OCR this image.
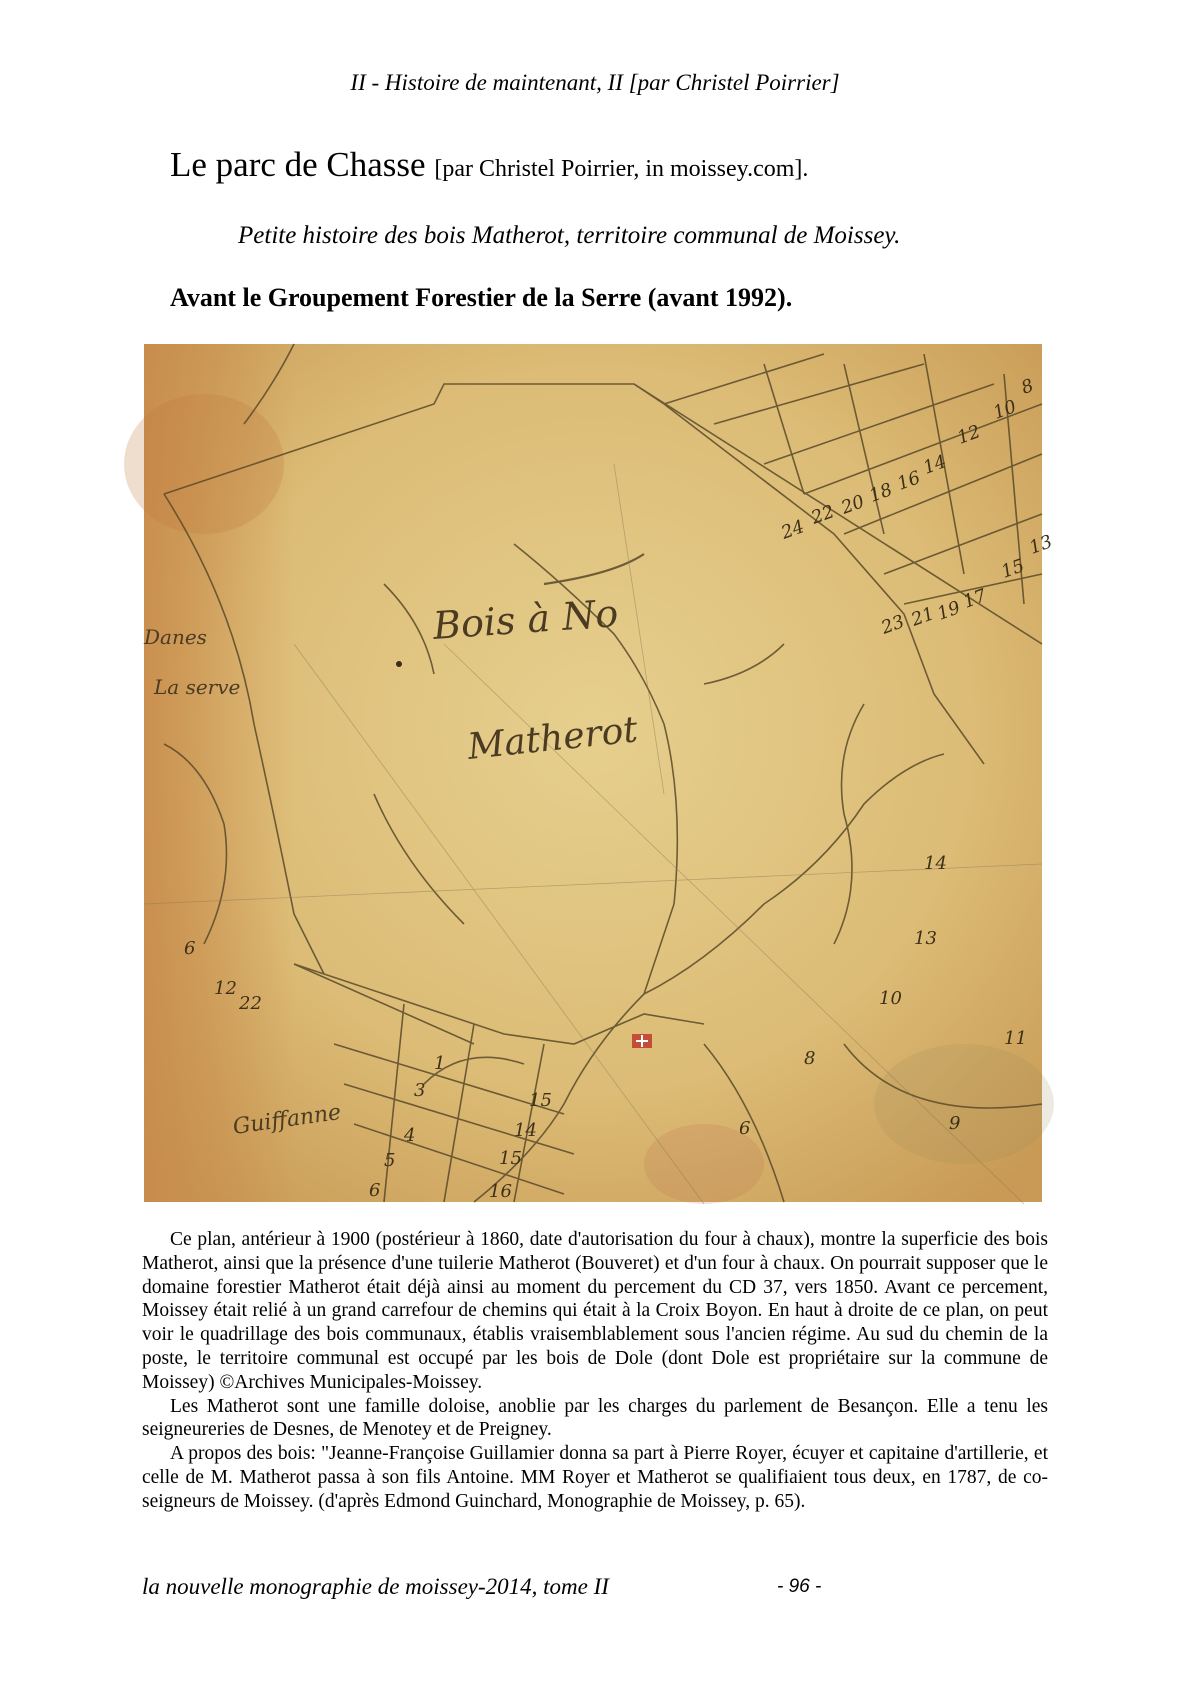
II - Histoire de maintenant, II [par Christel Poirrier]
Le parc de Chasse [par Christel Poirrier, in moissey.com].
Petite histoire des bois Matherot, territoire communal de Moissey.
Avant le Groupement Forestier de la Serre (avant 1992).
Bois à No
Matherot
Guiffanne
Danes
La serve
24
22 20 18 16
14
12
10
8
23 21
19
17
15
13
14
13
10
11
8
9
6
1
3
4
5
6
15
14
15
16
6
12
22

Ce plan, antérieur à 1900 (postérieur à 1860, date d'autorisation du four à chaux), montre la superficie des bois Matherot, ainsi que la présence d'une tuilerie Matherot (Bouveret) et d'un four à chaux. On pourrait supposer que le domaine forestier Matherot était déjà ainsi au moment du percement du CD 37, vers 1850. Avant ce percement, Moissey était relié à un grand carrefour de chemins qui était à la Croix Boyon. En haut à droite de ce plan, on peut voir le quadrillage des bois communaux, établis vraisemblablement sous l'ancien régime. Au sud du chemin de la poste, le territoire communal est occupé par les bois de Dole (dont Dole est propriétaire sur la commune de Moissey) ©Archives Municipales-Moissey.

Les Matherot sont une famille doloise, anoblie par les charges du parlement de Besançon. Elle a tenu les seigneureries de Desnes, de Menotey et de Preigney.

A propos des bois: "Jeanne-Françoise Guillamier donna sa part à Pierre Royer, écuyer et capitaine d'artillerie, et celle de M. Matherot passa à son fils Antoine. MM Royer et Matherot se qualifiaient tous deux, en 1787, de co-seigneurs de Moissey. (d'après Edmond Guinchard, Monographie de Moissey, p. 65).

la nouvelle monographie de moissey-2014, tome II	- 96 -
